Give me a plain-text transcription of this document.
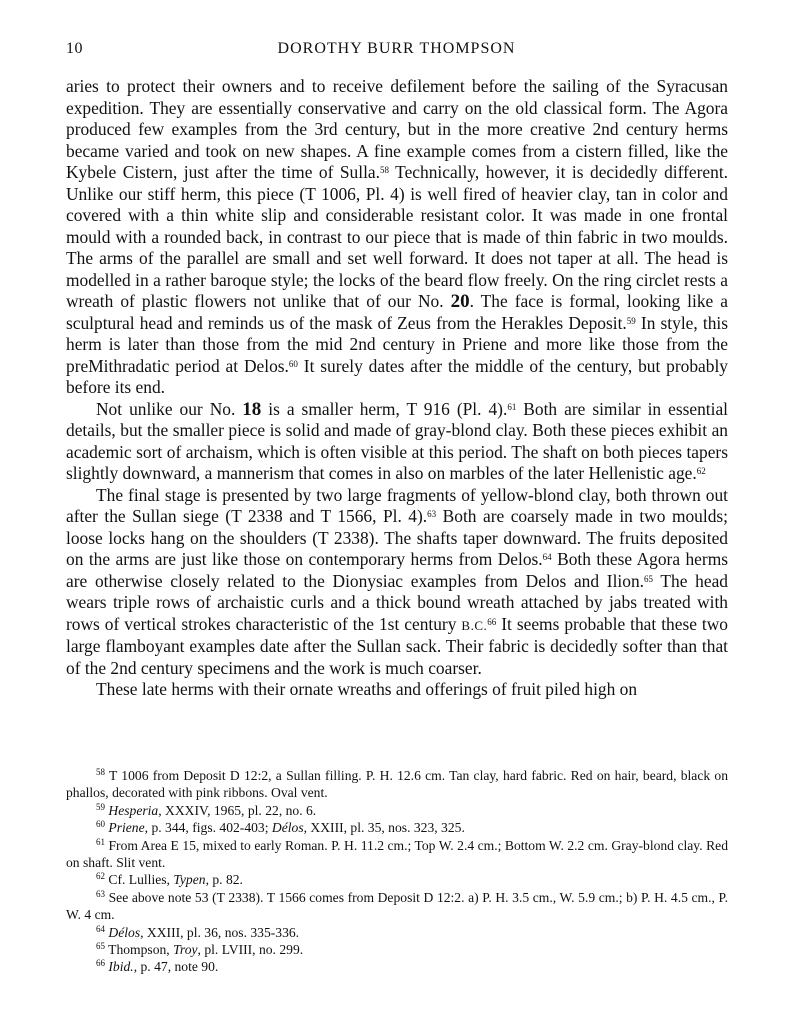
10	DOROTHY BURR THOMPSON

aries to protect their owners and to receive defilement before the sailing of the Syracusan expedition. They are essentially conservative and carry on the old classical form. The Agora produced few examples from the 3rd century, but in the more creative 2nd century herms became varied and took on new shapes. A fine example comes from a cistern filled, like the Kybele Cistern, just after the time of Sulla.$^{58}$ Technically, however, it is decidedly different. Unlike our stiff herm, this piece (T 1006, Pl. 4) is well fired of heavier clay, tan in color and covered with a thin white slip and considerable resistant color. It was made in one frontal mould with a rounded back, in contrast to our piece that is made of thin fabric in two moulds. The arms of the parallel are small and set well forward. It does not taper at all. The head is modelled in a rather baroque style; the locks of the beard flow freely. On the ring circlet rests a wreath of plastic flowers not unlike that of our No. 20. The face is formal, looking like a sculptural head and reminds us of the mask of Zeus from the Herakles Deposit.$^{59}$ In style, this herm is later than those from the mid 2nd century in Priene and more like those from the preMithradatic period at Delos.$^{60}$ It surely dates after the middle of the century, but probably before its end.

Not unlike our No. 18 is a smaller herm, T 916 (Pl. 4).$^{61}$ Both are similar in essential details, but the smaller piece is solid and made of gray-blond clay. Both these pieces exhibit an academic sort of archaism, which is often visible at this period. The shaft on both pieces tapers slightly downward, a mannerism that comes in also on marbles of the later Hellenistic age.$^{62}$

The final stage is presented by two large fragments of yellow-blond clay, both thrown out after the Sullan siege (T 2338 and T 1566, Pl. 4).$^{63}$ Both are coarsely made in two moulds; loose locks hang on the shoulders (T 2338). The shafts taper downward. The fruits deposited on the arms are just like those on contemporary herms from Delos.$^{64}$ Both these Agora herms are otherwise closely related to the Dionysiac examples from Delos and Ilion.$^{65}$ The head wears triple rows of archaistic curls and a thick bound wreath attached by jabs treated with rows of vertical strokes characteristic of the 1st century B.C.$^{66}$ It seems probable that these two large flamboyant examples date after the Sullan sack. Their fabric is decidedly softer than that of the 2nd century specimens and the work is much coarser.

These late herms with their ornate wreaths and offerings of fruit piled high on

$^{58}$ T 1006 from Deposit D 12:2, a Sullan filling. P. H. 12.6 cm. Tan clay, hard fabric. Red on hair, beard, black on phallos, decorated with pink ribbons. Oval vent.

$^{59}$ Hesperia, XXXIV, 1965, pl. 22, no. 6.

$^{60}$ Priene, p. 344, figs. 402-403; Délos, XXIII, pl. 35, nos. 323, 325.

$^{61}$ From Area E 15, mixed to early Roman. P. H. 11.2 cm.; Top W. 2.4 cm.; Bottom W. 2.2 cm. Gray-blond clay. Red on shaft. Slit vent.

$^{62}$ Cf. Lullies, Typen, p. 82.

$^{63}$ See above note 53 (T 2338). T 1566 comes from Deposit D 12:2. a) P. H. 3.5 cm., W. 5.9 cm.; b) P. H. 4.5 cm., P. W. 4 cm.

$^{64}$ Délos, XXIII, pl. 36, nos. 335-336.

$^{65}$ Thompson, Troy, pl. LVIII, no. 299.

$^{66}$ Ibid., p. 47, note 90.
